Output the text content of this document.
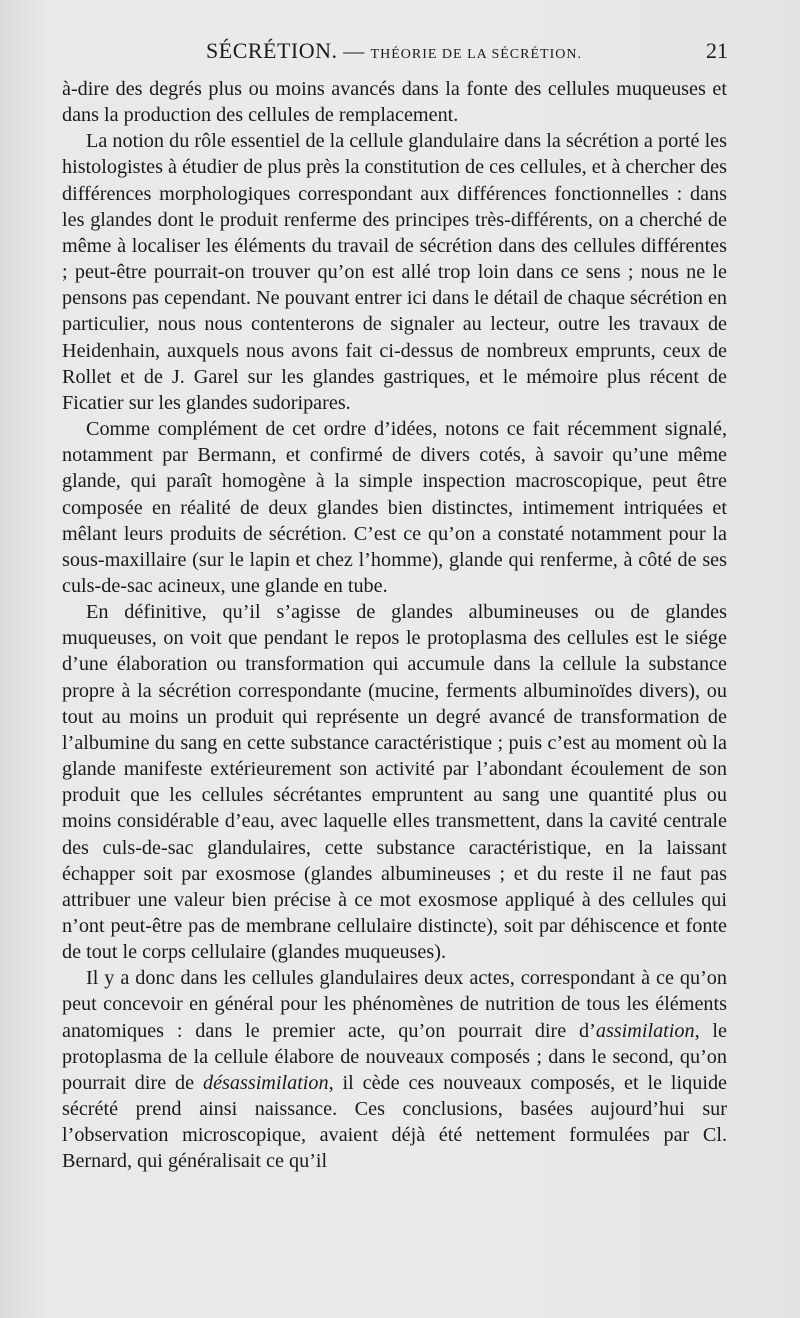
SÉCRÉTION. — THÉORIE DE LA SÉCRÉTION.	21

à-dire des degrés plus ou moins avancés dans la fonte des cellules muqueuses et dans la production des cellules de remplacement.

La notion du rôle essentiel de la cellule glandulaire dans la sécrétion a porté les histologistes à étudier de plus près la constitution de ces cellules, et à chercher des différences morphologiques correspondant aux différences fonctionnelles : dans les glandes dont le produit renferme des principes très-différents, on a cherché de même à localiser les éléments du travail de sécrétion dans des cellules différentes ; peut-être pourrait-on trouver qu’on est allé trop loin dans ce sens ; nous ne le pensons pas cependant. Ne pouvant entrer ici dans le détail de chaque sécrétion en particulier, nous nous contenterons de signaler au lecteur, outre les travaux de Heidenhain, auxquels nous avons fait ci-dessus de nombreux emprunts, ceux de Rollet et de J. Garel sur les glandes gastriques, et le mémoire plus récent de Ficatier sur les glandes sudoripares.

Comme complément de cet ordre d’idées, notons ce fait récemment signalé, notamment par Bermann, et confirmé de divers cotés, à savoir qu’une même glande, qui paraît homogène à la simple inspection macroscopique, peut être composée en réalité de deux glandes bien distinctes, intimement intriquées et mêlant leurs produits de sécrétion. C’est ce qu’on a constaté notamment pour la sous-maxillaire (sur le lapin et chez l’homme), glande qui renferme, à côté de ses culs-de-sac acineux, une glande en tube.

En définitive, qu’il s’agisse de glandes albumineuses ou de glandes muqueuses, on voit que pendant le repos le protoplasma des cellules est le siége d’une élaboration ou transformation qui accumule dans la cellule la substance propre à la sécrétion correspondante (mucine, ferments albuminoïdes divers), ou tout au moins un produit qui représente un degré avancé de transformation de l’albumine du sang en cette substance caractéristique ; puis c’est au moment où la glande manifeste extérieurement son activité par l’abondant écoulement de son produit que les cellules sécrétantes empruntent au sang une quantité plus ou moins considérable d’eau, avec laquelle elles transmettent, dans la cavité centrale des culs-de-sac glandulaires, cette substance caractéristique, en la laissant échapper soit par exosmose (glandes albumineuses ; et du reste il ne faut pas attribuer une valeur bien précise à ce mot exosmose appliqué à des cellules qui n’ont peut-être pas de membrane cellulaire distincte), soit par déhiscence et fonte de tout le corps cellulaire (glandes muqueuses).

Il y a donc dans les cellules glandulaires deux actes, correspondant à ce qu’on peut concevoir en général pour les phénomènes de nutrition de tous les éléments anatomiques : dans le premier acte, qu’on pourrait dire d’assimilation, le protoplasma de la cellule élabore de nouveaux composés ; dans le second, qu’on pourrait dire de désassimilation, il cède ces nouveaux composés, et le liquide sécrété prend ainsi naissance. Ces conclusions, basées aujourd’hui sur l’observation microscopique, avaient déjà été nettement formulées par Cl. Bernard, qui généralisait ce qu’il
